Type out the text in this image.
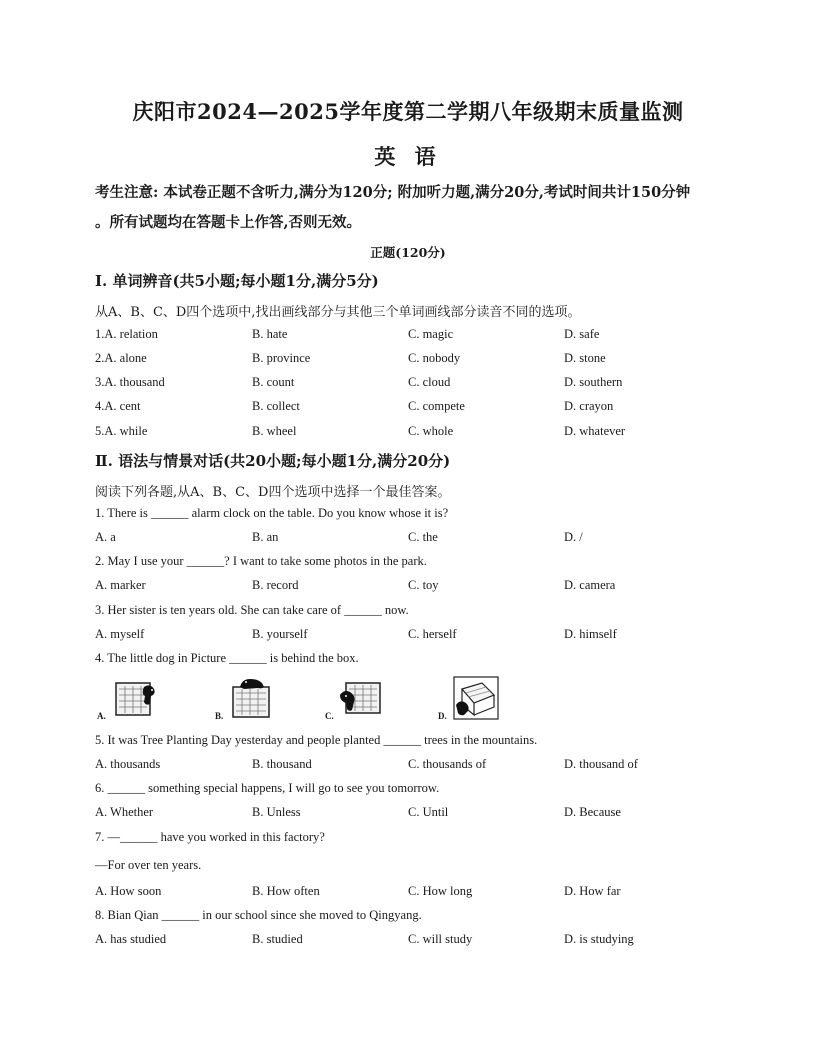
庆阳市2024—2025学年度第二学期八年级期末质量监测
英 语
考生注意: 本试卷正题不含听力,满分为120分; 附加听力题,满分20分,考试时间共计150分钟
。所有试题均在答题卡上作答,否则无效。
正题(120分)
Ⅰ. 单词辨音(共5小题;每小题1分,满分5分)
从A、B、C、D四个选项中,找出画线部分与其他三个单词画线部分读音不同的选项。
1.A. relation	B. hate	C. magic	D. safe
2.A. alone	B. province	C. nobody	D. stone
3.A. thousand	B. count	C. cloud	D. southern
4.A. cent	B. collect	C. compete	D. crayon
5.A. while	B. wheel	C. whole	D. whatever
Ⅱ. 语法与情景对话(共20小题;每小题1分,满分20分)
阅读下列各题,从A、B、C、D四个选项中选择一个最佳答案。
1. There is ______ alarm clock on the table. Do you know whose it is?
A. a	B. an	C. the	D. /
2. May I use your ______? I want to take some photos in the park.
A. marker	B. record	C. toy	D. camera
3. Her sister is ten years old. She can take care of ______ now.
A. myself	B. yourself	C. herself	D. himself
4. The little dog in Picture ______ is behind the box.
A.	B.	C.	D.
5. It was Tree Planting Day yesterday and people planted ______ trees in the mountains.
A. thousands	B. thousand	C. thousands of	D. thousand of
6. ______ something special happens, I will go to see you tomorrow.
A. Whether	B. Unless	C. Until	D. Because
7. —______ have you worked in this factory?
—For over ten years.
A. How soon	B. How often	C. How long	D. How far
8. Bian Qian ______ in our school since she moved to Qingyang.
A. has studied	B. studied	C. will study	D. is studying
